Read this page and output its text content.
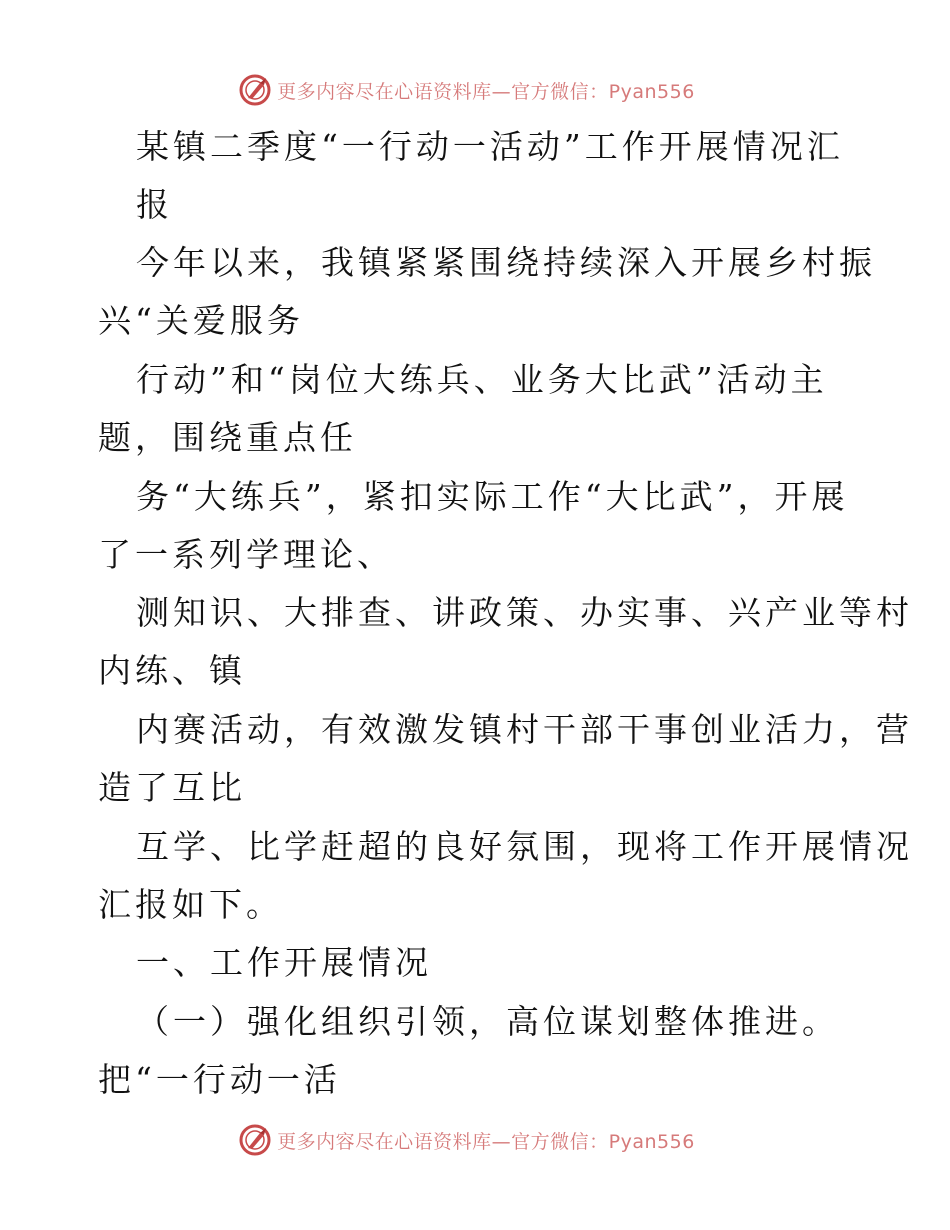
更多内容尽在心语资料库—官方微信：Pyan556
某镇二季度“一行动一活动”工作开展情况汇
报
今年以来，我镇紧紧围绕持续深入开展乡村振
兴“关爱服务
行动”和“岗位大练兵、业务大比武”活动主
题，围绕重点任
务“大练兵”，紧扣实际工作“大比武”，开展
了一系列学理论、
测知识、大排查、讲政策、办实事、兴产业等村
内练、镇
内赛活动，有效激发镇村干部干事创业活力，营
造了互比
互学、比学赶超的良好氛围，现将工作开展情况
汇报如下。
一、工作开展情况
（一）强化组织引领，高位谋划整体推进。
把“一行动一活
更多内容尽在心语资料库—官方微信：Pyan556
